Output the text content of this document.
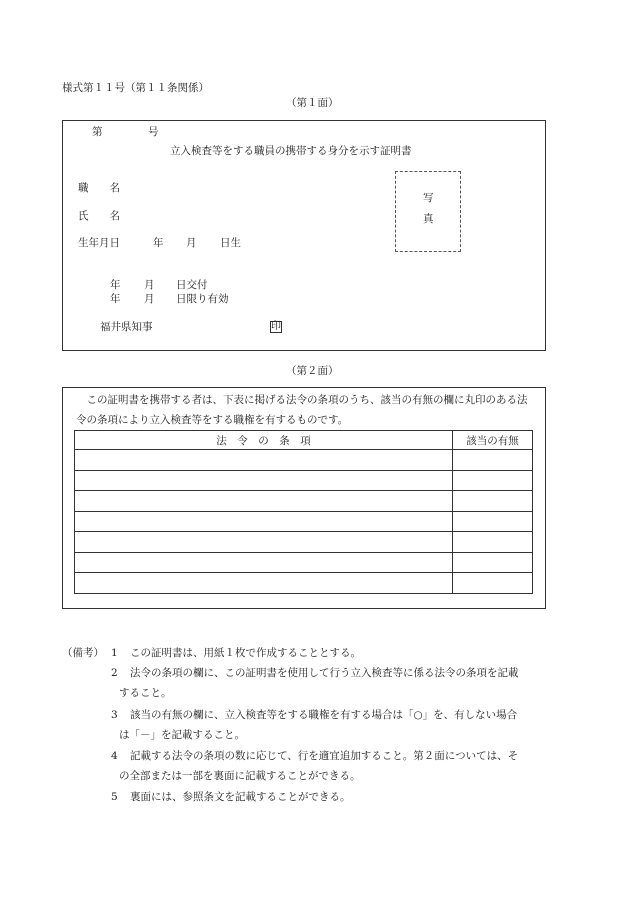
様式第１１号（第１１条関係）
（第１面）
第	号
立入検査等をする職員の携帯する身分を示す証明書
職　　名
氏　　名
生年月日	年 月 日生
写
真
年 月 日交付
年 月 日限り有効
福井県知事	印
（第２面）
この証明書を携帯する者は、下表に掲げる法令の条項のうち、該当の有無の欄に丸印のある法令の条項により立入検査等をする職権を有するものです。
法　令　の　条　項	該当の有無

（備考） 1 この証明書は、用紙１枚で作成することとする。
2 法令の条項の欄に、この証明書を使用して行う立入検査等に係る法令の条項を記載
すること。
3 該当の有無の欄に、立入検査等をする職権を有する場合は「○」を、有しない場合
は「－」を記載すること。
4 記載する法令の条項の数に応じて、行を適宜追加すること。第２面については、そ
の全部または一部を裏面に記載することができる。
5 裏面には、参照条文を記載することができる。
